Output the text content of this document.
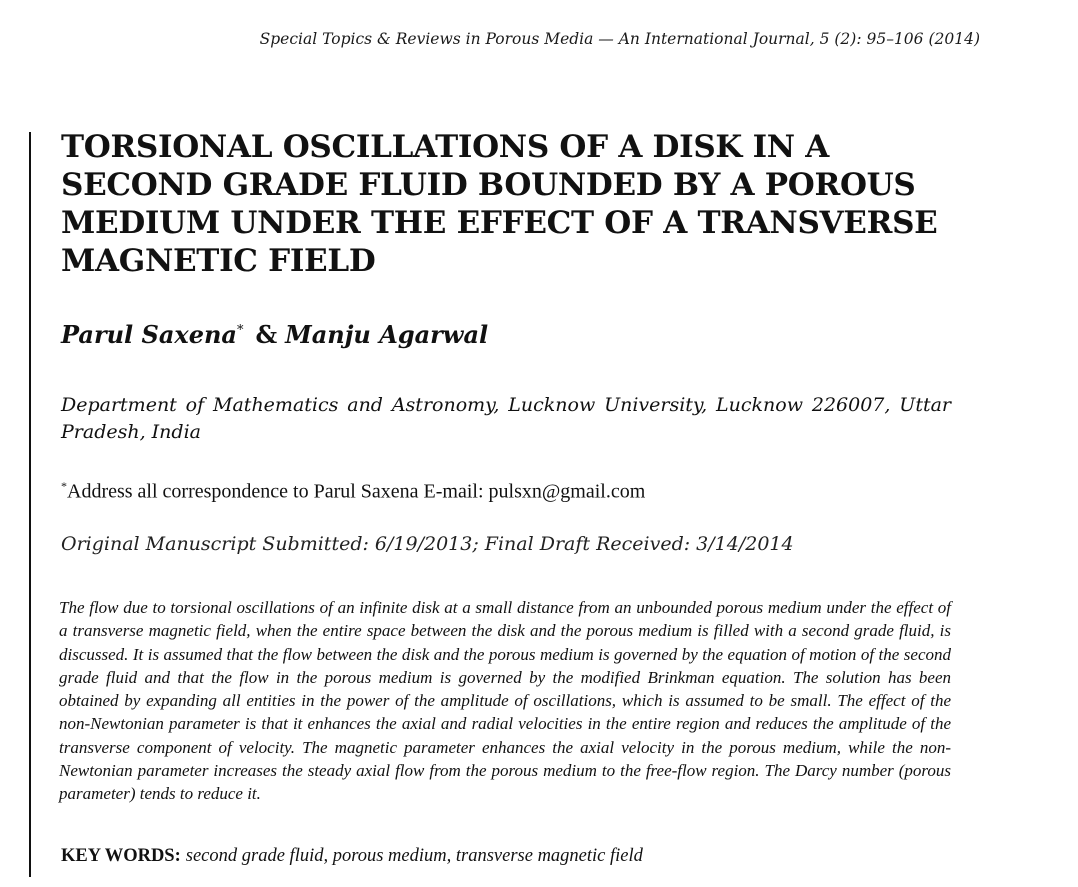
Special Topics & Reviews in Porous Media — An International Journal, 5 (2): 95–106 (2014)
TORSIONAL OSCILLATIONS OF A DISK IN A SECOND GRADE FLUID BOUNDED BY A POROUS MEDIUM UNDER THE EFFECT OF A TRANSVERSE MAGNETIC FIELD
Parul Saxena* & Manju Agarwal
Department of Mathematics and Astronomy, Lucknow University, Lucknow 226007, Uttar Pradesh, India
*Address all correspondence to Parul Saxena E-mail: pulsxn@gmail.com
Original Manuscript Submitted: 6/19/2013; Final Draft Received: 3/14/2014

The flow due to torsional oscillations of an infinite disk at a small distance from an unbounded porous medium under the effect of a transverse magnetic field, when the entire space between the disk and the porous medium is filled with a second grade fluid, is discussed. It is assumed that the flow between the disk and the porous medium is governed by the equation of motion of the second grade fluid and that the flow in the porous medium is governed by the modified Brinkman equation. The solution has been obtained by expanding all entities in the power of the amplitude of oscillations, which is assumed to be small. The effect of the non-Newtonian parameter is that it enhances the axial and radial velocities in the entire region and reduces the amplitude of the transverse component of velocity. The magnetic parameter enhances the axial velocity in the porous medium, while the non-Newtonian parameter increases the steady axial flow from the porous medium to the free-flow region. The Darcy number (porous parameter) tends to reduce it.

KEY WORDS: second grade fluid, porous medium, transverse magnetic field
